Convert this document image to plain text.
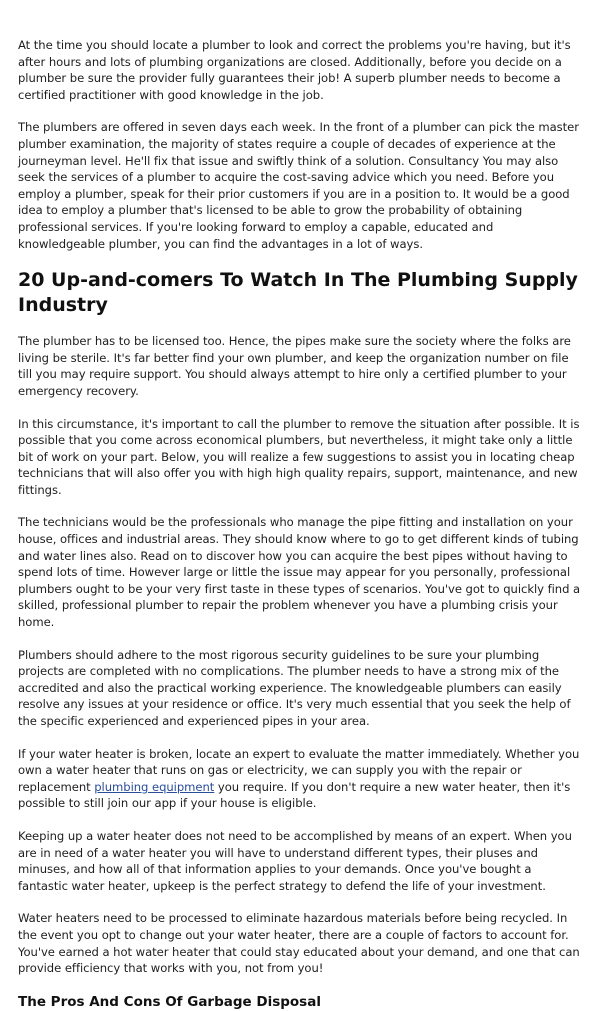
At the time you should locate a plumber to look and correct the problems you're having, but it's after hours and lots of plumbing organizations are closed. Additionally, before you decide on a plumber be sure the provider fully guarantees their job! A superb plumber needs to become a certified practitioner with good knowledge in the job.

The plumbers are offered in seven days each week. In the front of a plumber can pick the master plumber examination, the majority of states require a couple of decades of experience at the journeyman level. He'll fix that issue and swiftly think of a solution. Consultancy You may also seek the services of a plumber to acquire the cost-saving advice which you need. Before you employ a plumber, speak for their prior customers if you are in a position to. It would be a good idea to employ a plumber that's licensed to be able to grow the probability of obtaining professional services. If you're looking forward to employ a capable, educated and knowledgeable plumber, you can find the advantages in a lot of ways.

20 Up-and-comers To Watch In The Plumbing Supply Industry

The plumber has to be licensed too. Hence, the pipes make sure the society where the folks are living be sterile. It's far better find your own plumber, and keep the organization number on file till you may require support. You should always attempt to hire only a certified plumber to your emergency recovery.

In this circumstance, it's important to call the plumber to remove the situation after possible. It is possible that you come across economical plumbers, but nevertheless, it might take only a little bit of work on your part. Below, you will realize a few suggestions to assist you in locating cheap technicians that will also offer you with high high quality repairs, support, maintenance, and new fittings.

The technicians would be the professionals who manage the pipe fitting and installation on your house, offices and industrial areas. They should know where to go to get different kinds of tubing and water lines also. Read on to discover how you can acquire the best pipes without having to spend lots of time. However large or little the issue may appear for you personally, professional plumbers ought to be your very first taste in these types of scenarios. You've got to quickly find a skilled, professional plumber to repair the problem whenever you have a plumbing crisis your home.

Plumbers should adhere to the most rigorous security guidelines to be sure your plumbing projects are completed with no complications. The plumber needs to have a strong mix of the accredited and also the practical working experience. The knowledgeable plumbers can easily resolve any issues at your residence or office. It's very much essential that you seek the help of the specific experienced and experienced pipes in your area.

If your water heater is broken, locate an expert to evaluate the matter immediately. Whether you own a water heater that runs on gas or electricity, we can supply you with the repair or replacement plumbing equipment you require. If you don't require a new water heater, then it's possible to still join our app if your house is eligible.

Keeping up a water heater does not need to be accomplished by means of an expert. When you are in need of a water heater you will have to understand different types, their pluses and minuses, and how all of that information applies to your demands. Once you've bought a fantastic water heater, upkeep is the perfect strategy to defend the life of your investment.

Water heaters need to be processed to eliminate hazardous materials before being recycled. In the event you opt to change out your water heater, there are a couple of factors to account for. You've earned a hot water heater that could stay educated about your demand, and one that can provide efficiency that works with you, not from you!

The Pros And Cons Of Garbage Disposal
